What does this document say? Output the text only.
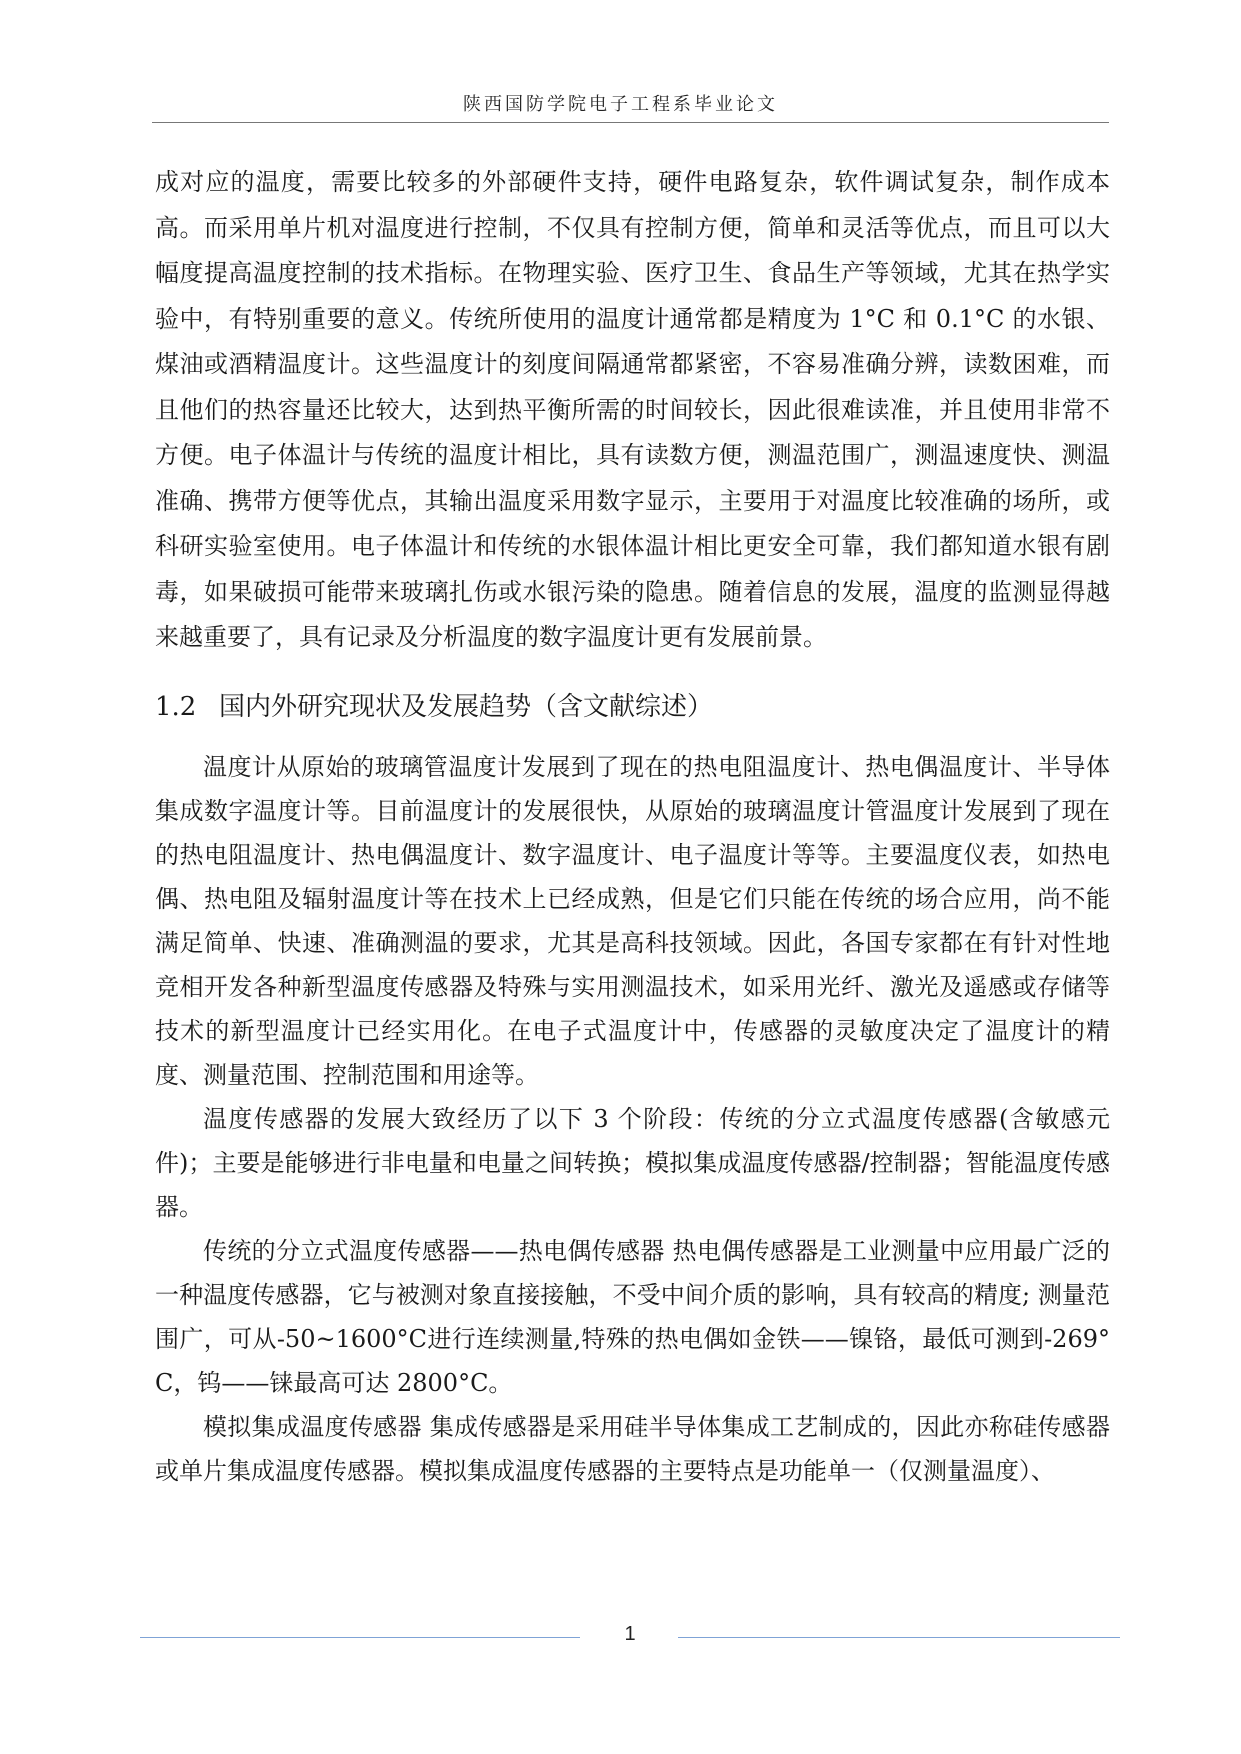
陕西国防学院电子工程系毕业论文

成对应的温度，需要比较多的外部硬件支持，硬件电路复杂，软件调试复杂，制作成本高。而采用单片机对温度进行控制，不仅具有控制方便，简单和灵活等优点，而且可以大幅度提高温度控制的技术指标。在物理实验、医疗卫生、食品生产等领域，尤其在热学实验中，有特别重要的意义。传统所使用的温度计通常都是精度为 1°C 和 0.1°C 的水银、煤油或酒精温度计。这些温度计的刻度间隔通常都紧密，不容易准确分辨，读数困难，而且他们的热容量还比较大，达到热平衡所需的时间较长，因此很难读准，并且使用非常不方便。电子体温计与传统的温度计相比，具有读数方便，测温范围广，测温速度快、测温准确、携带方便等优点，其输出温度采用数字显示，主要用于对温度比较准确的场所，或科研实验室使用。电子体温计和传统的水银体温计相比更安全可靠，我们都知道水银有剧毒，如果破损可能带来玻璃扎伤或水银污染的隐患。随着信息的发展，温度的监测显得越来越重要了，具有记录及分析温度的数字温度计更有发展前景。

1.2 国内外研究现状及发展趋势（含文献综述）

温度计从原始的玻璃管温度计发展到了现在的热电阻温度计、热电偶温度计、半导体集成数字温度计等。目前温度计的发展很快，从原始的玻璃温度计管温度计发展到了现在的热电阻温度计、热电偶温度计、数字温度计、电子温度计等等。主要温度仪表，如热电偶、热电阻及辐射温度计等在技术上已经成熟，但是它们只能在传统的场合应用，尚不能满足简单、快速、准确测温的要求，尤其是高科技领域。因此，各国专家都在有针对性地竞相开发各种新型温度传感器及特殊与实用测温技术，如采用光纤、激光及遥感或存储等技术的新型温度计已经实用化。在电子式温度计中，传感器的灵敏度决定了温度计的精度、测量范围、控制范围和用途等。

温度传感器的发展大致经历了以下 3 个阶段：传统的分立式温度传感器(含敏感元件)；主要是能够进行非电量和电量之间转换；模拟集成温度传感器/控制器；智能温度传感器。

传统的分立式温度传感器——热电偶传感器 热电偶传感器是工业测量中应用最广泛的一种温度传感器，它与被测对象直接接触，不受中间介质的影响，具有较高的精度; 测量范围广，可从-50~1600°C进行连续测量,特殊的热电偶如金铁——镍铬，最低可测到-269°C，钨——铼最高可达 2800°C。

模拟集成温度传感器 集成传感器是采用硅半导体集成工艺制成的，因此亦称硅传感器或单片集成温度传感器。模拟集成温度传感器的主要特点是功能单一（仅测量温度）、

1
